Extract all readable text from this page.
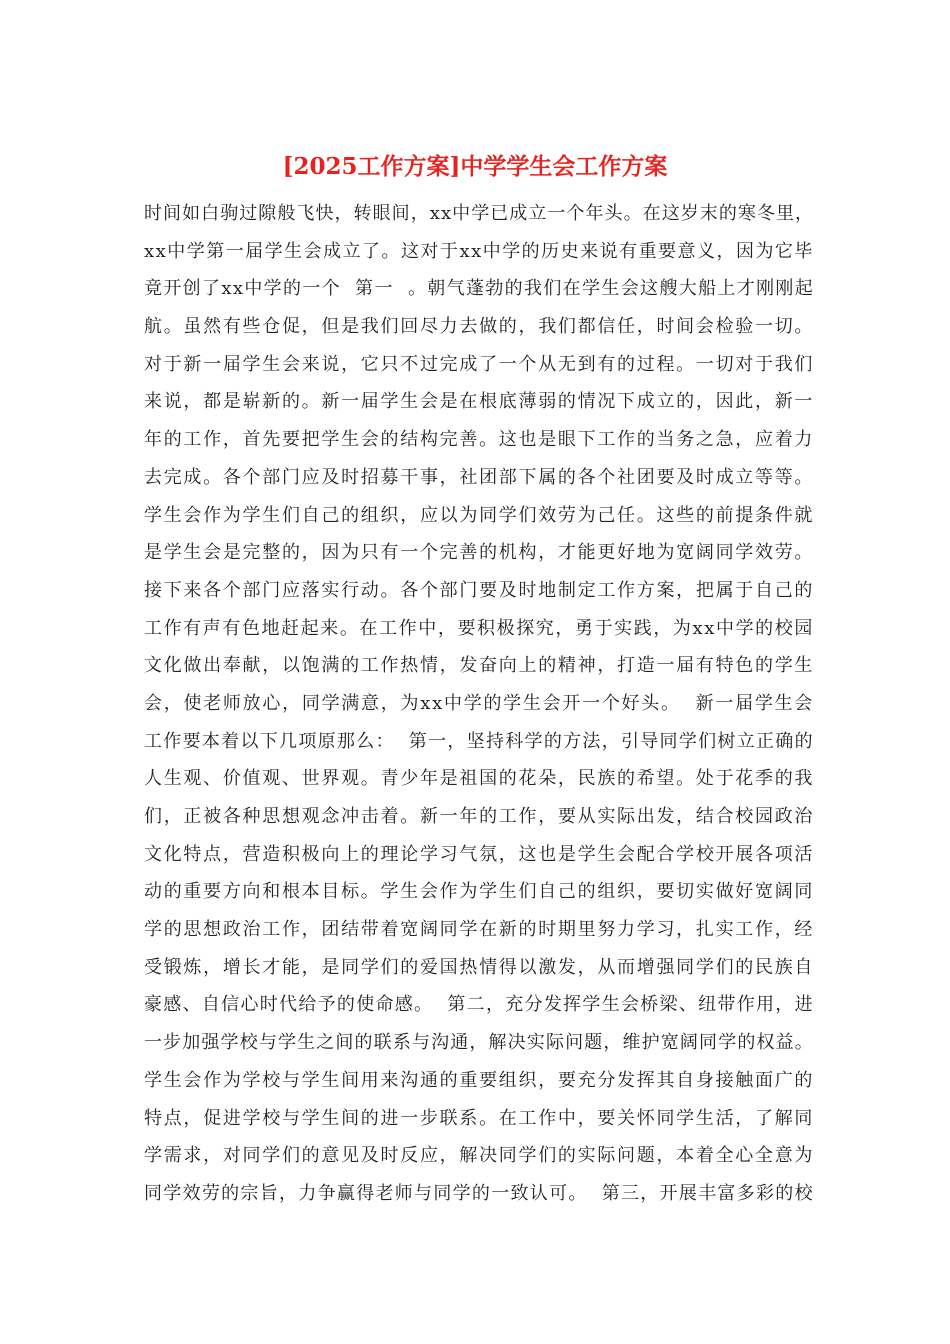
[2025工作方案]中学学生会工作方案
时间如白驹过隙般飞快，转眼间，xx中学已成立一个年头。在这岁末的寒冬里，
xx中学第一届学生会成立了。这对于xx中学的历史来说有重要意义，因为它毕
竟开创了xx中学的一个  第一  。朝气蓬勃的我们在学生会这艘大船上才刚刚起
航。虽然有些仓促，但是我们回尽力去做的，我们都信任，时间会检验一切。
对于新一届学生会来说，它只不过完成了一个从无到有的过程。一切对于我们
来说，都是崭新的。新一届学生会是在根底薄弱的情况下成立的，因此，新一
年的工作，首先要把学生会的结构完善。这也是眼下工作的当务之急，应着力
去完成。各个部门应及时招募干事，社团部下属的各个社团要及时成立等等。
学生会作为学生们自己的组织，应以为同学们效劳为己任。这些的前提条件就
是学生会是完整的，因为只有一个完善的机构，才能更好地为宽阔同学效劳。
接下来各个部门应落实行动。各个部门要及时地制定工作方案，把属于自己的
工作有声有色地赶起来。在工作中，要积极探究，勇于实践，为xx中学的校园
文化做出奉献，以饱满的工作热情，发奋向上的精神，打造一届有特色的学生
会，使老师放心，同学满意，为xx中学的学生会开一个好头。  新一届学生会
工作要本着以下几项原那么：  第一，坚持科学的方法，引导同学们树立正确的
人生观、价值观、世界观。青少年是祖国的花朵，民族的希望。处于花季的我
们，正被各种思想观念冲击着。新一年的工作，要从实际出发，结合校园政治
文化特点，营造积极向上的理论学习气氛，这也是学生会配合学校开展各项活
动的重要方向和根本目标。学生会作为学生们自己的组织，要切实做好宽阔同
学的思想政治工作，团结带着宽阔同学在新的时期里努力学习，扎实工作，经
受锻炼，增长才能，是同学们的爱国热情得以激发，从而增强同学们的民族自
豪感、自信心时代给予的使命感。  第二，充分发挥学生会桥梁、纽带作用，进
一步加强学校与学生之间的联系与沟通，解决实际问题，维护宽阔同学的权益。
学生会作为学校与学生间用来沟通的重要组织，要充分发挥其自身接触面广的
特点，促进学校与学生间的进一步联系。在工作中，要关怀同学生活，了解同
学需求，对同学们的意见及时反应，解决同学们的实际问题，本着全心全意为
同学效劳的宗旨，力争赢得老师与同学的一致认可。  第三，开展丰富多彩的校
